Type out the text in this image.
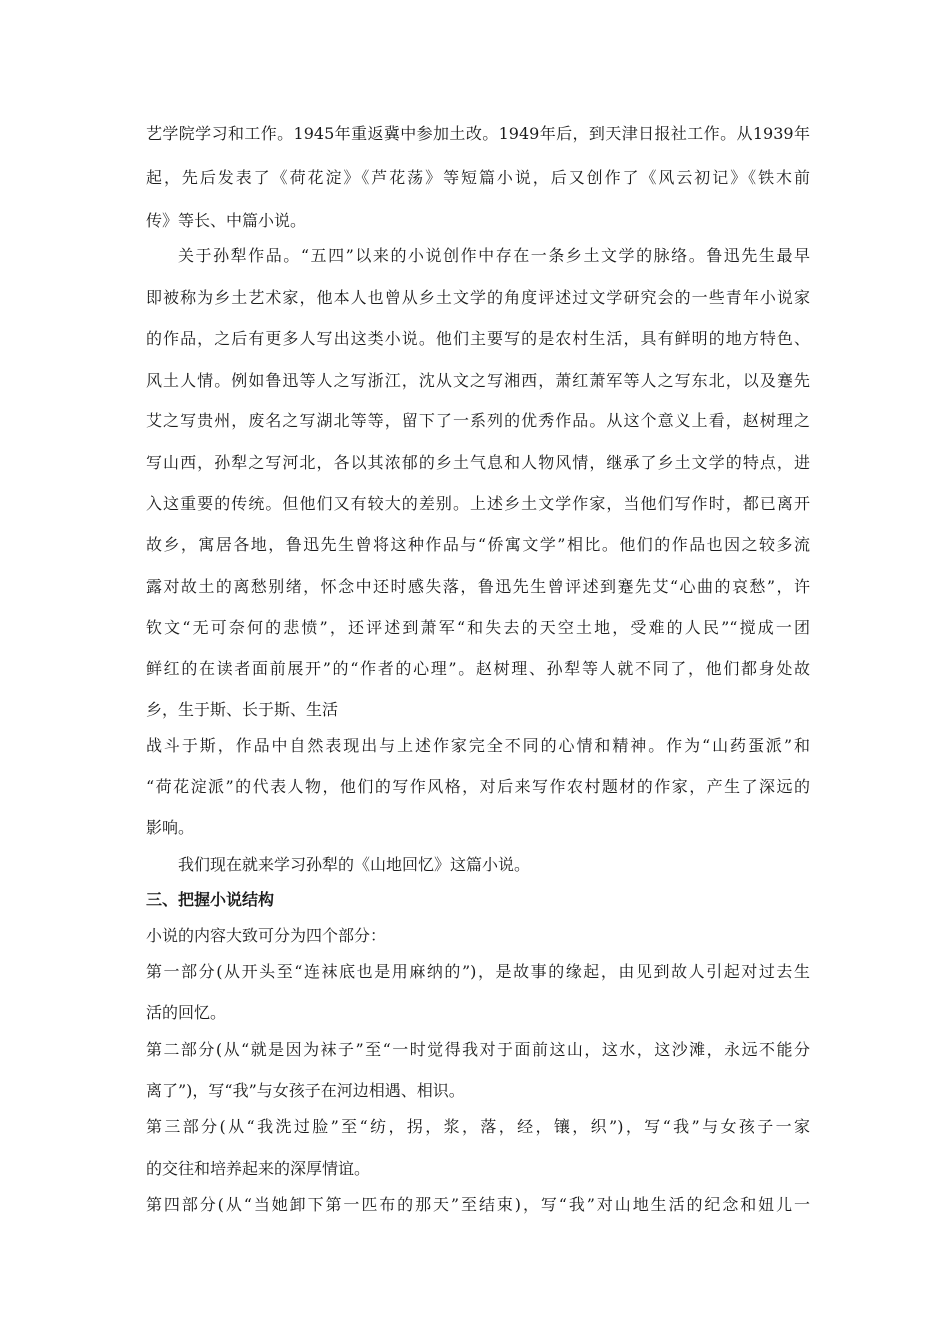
艺学院学习和工作。1945年重返冀中参加土改。1949年后，到天津日报社工作。从1939年
起，先后发表了《荷花淀》《芦花荡》等短篇小说，后又创作了《风云初记》《铁木前
传》等长、中篇小说。
关于孙犁作品。“五四”以来的小说创作中存在一条乡土文学的脉络。鲁迅先生最早
即被称为乡土艺术家，他本人也曾从乡土文学的角度评述过文学研究会的一些青年小说家
的作品，之后有更多人写出这类小说。他们主要写的是农村生活，具有鲜明的地方特色、
风土人情。例如鲁迅等人之写浙江，沈从文之写湘西，萧红萧军等人之写东北，以及蹇先
艾之写贵州，废名之写湖北等等，留下了一系列的优秀作品。从这个意义上看，赵树理之
写山西，孙犁之写河北，各以其浓郁的乡土气息和人物风情，继承了乡土文学的特点，进
入这重要的传统。但他们又有较大的差别。上述乡土文学作家，当他们写作时，都已离开
故乡，寓居各地，鲁迅先生曾将这种作品与“侨寓文学”相比。他们的作品也因之较多流
露对故土的离愁别绪，怀念中还时感失落，鲁迅先生曾评述到蹇先艾“心曲的哀愁”，许
钦文“无可奈何的悲愤”，还评述到萧军“和失去的天空土地，受难的人民”“搅成一团
鲜红的在读者面前展开”的“作者的心理”。赵树理、孙犁等人就不同了，他们都身处故
乡，生于斯、长于斯、生活
战斗于斯，作品中自然表现出与上述作家完全不同的心情和精神。作为“山药蛋派”和
“荷花淀派”的代表人物，他们的写作风格，对后来写作农村题材的作家，产生了深远的
影响。
我们现在就来学习孙犁的《山地回忆》这篇小说。
三、把握小说结构
小说的内容大致可分为四个部分：
第一部分(从开头至“连袜底也是用麻纳的”)，是故事的缘起，由见到故人引起对过去生
活的回忆。
第二部分(从“就是因为袜子”至“一时觉得我对于面前这山，这水，这沙滩，永远不能分
离了”)，写“我”与女孩子在河边相遇、相识。
第三部分(从“我洗过脸”至“纺，拐，浆，落，经，镶，织”)，写“我”与女孩子一家
的交往和培养起来的深厚情谊。
第四部分(从“当她卸下第一匹布的那天”至结束)，写“我”对山地生活的纪念和妞儿一
